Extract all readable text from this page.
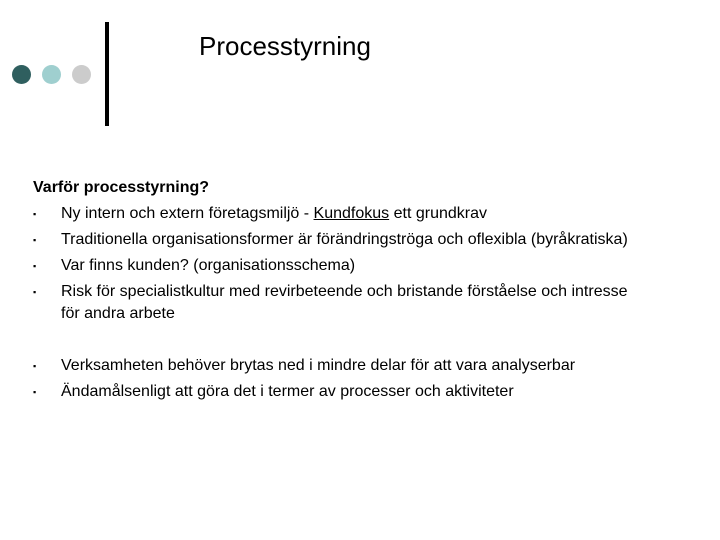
Processtyrning
Varför processtyrning?
▪ Ny intern och extern företagsmiljö - Kundfokus ett grundkrav
▪ Traditionella organisationsformer är förändringströga och oflexibla (byråkratiska)
▪ Var finns kunden? (organisationsschema)
▪ Risk för specialistkultur med revirbeteende och bristande förståelse och intresse
för andra arbete
▪ Verksamheten behöver brytas ned i mindre delar för att vara analyserbar
▪ Ändamålsenligt att göra det i termer av processer och aktiviteter
